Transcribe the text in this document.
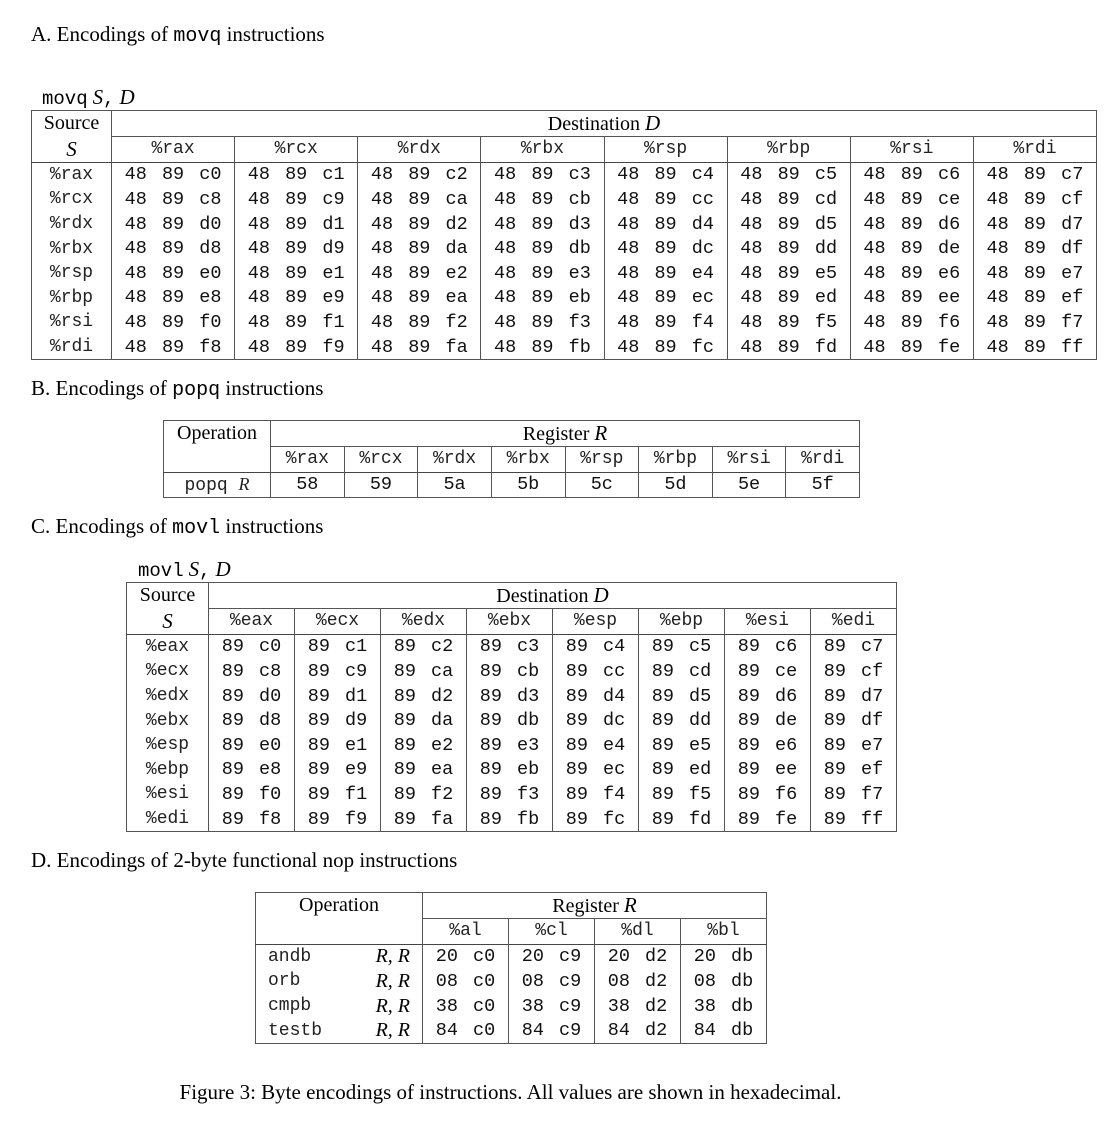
A. Encodings of movq instructions
movq S, D
Source	Destination D							
S	%rax	%rcx	%rdx	%rbx	%rsp	%rbp	%rsi	%rdi
%rax	48 89 c0	48 89 c1	48 89 c2	48 89 c3	48 89 c4	48 89 c5	48 89 c6	48 89 c7
%rcx	48 89 c8	48 89 c9	48 89 ca	48 89 cb	48 89 cc	48 89 cd	48 89 ce	48 89 cf
%rdx	48 89 d0	48 89 d1	48 89 d2	48 89 d3	48 89 d4	48 89 d5	48 89 d6	48 89 d7
%rbx	48 89 d8	48 89 d9	48 89 da	48 89 db	48 89 dc	48 89 dd	48 89 de	48 89 df
%rsp	48 89 e0	48 89 e1	48 89 e2	48 89 e3	48 89 e4	48 89 e5	48 89 e6	48 89 e7
%rbp	48 89 e8	48 89 e9	48 89 ea	48 89 eb	48 89 ec	48 89 ed	48 89 ee	48 89 ef
%rsi	48 89 f0	48 89 f1	48 89 f2	48 89 f3	48 89 f4	48 89 f5	48 89 f6	48 89 f7
%rdi	48 89 f8	48 89 f9	48 89 fa	48 89 fb	48 89 fc	48 89 fd	48 89 fe	48 89 ff
B. Encodings of popq instructions
Operation	Register R							
	%rax	%rcx	%rdx	%rbx	%rsp	%rbp	%rsi	%rdi
popq R	58	59	5a	5b	5c	5d	5e	5f
C. Encodings of movl instructions
movl S, D
Source	Destination D							
S	%eax	%ecx	%edx	%ebx	%esp	%ebp	%esi	%edi
%eax	89 c0	89 c1	89 c2	89 c3	89 c4	89 c5	89 c6	89 c7
%ecx	89 c8	89 c9	89 ca	89 cb	89 cc	89 cd	89 ce	89 cf
%edx	89 d0	89 d1	89 d2	89 d3	89 d4	89 d5	89 d6	89 d7
%ebx	89 d8	89 d9	89 da	89 db	89 dc	89 dd	89 de	89 df
%esp	89 e0	89 e1	89 e2	89 e3	89 e4	89 e5	89 e6	89 e7
%ebp	89 e8	89 e9	89 ea	89 eb	89 ec	89 ed	89 ee	89 ef
%esi	89 f0	89 f1	89 f2	89 f3	89 f4	89 f5	89 f6	89 f7
%edi	89 f8	89 f9	89 fa	89 fb	89 fc	89 fd	89 fe	89 ff
D. Encodings of 2-byte functional nop instructions
Operation		Register R			
		%al	%cl	%dl	%bl
andb	R, R	20 c0	20 c9	20 d2	20 db
orb	R, R	08 c0	08 c9	08 d2	08 db
cmpb	R, R	38 c0	38 c9	38 d2	38 db
testb	R, R	84 c0	84 c9	84 d2	84 db
Figure 3: Byte encodings of instructions. All values are shown in hexadecimal.
